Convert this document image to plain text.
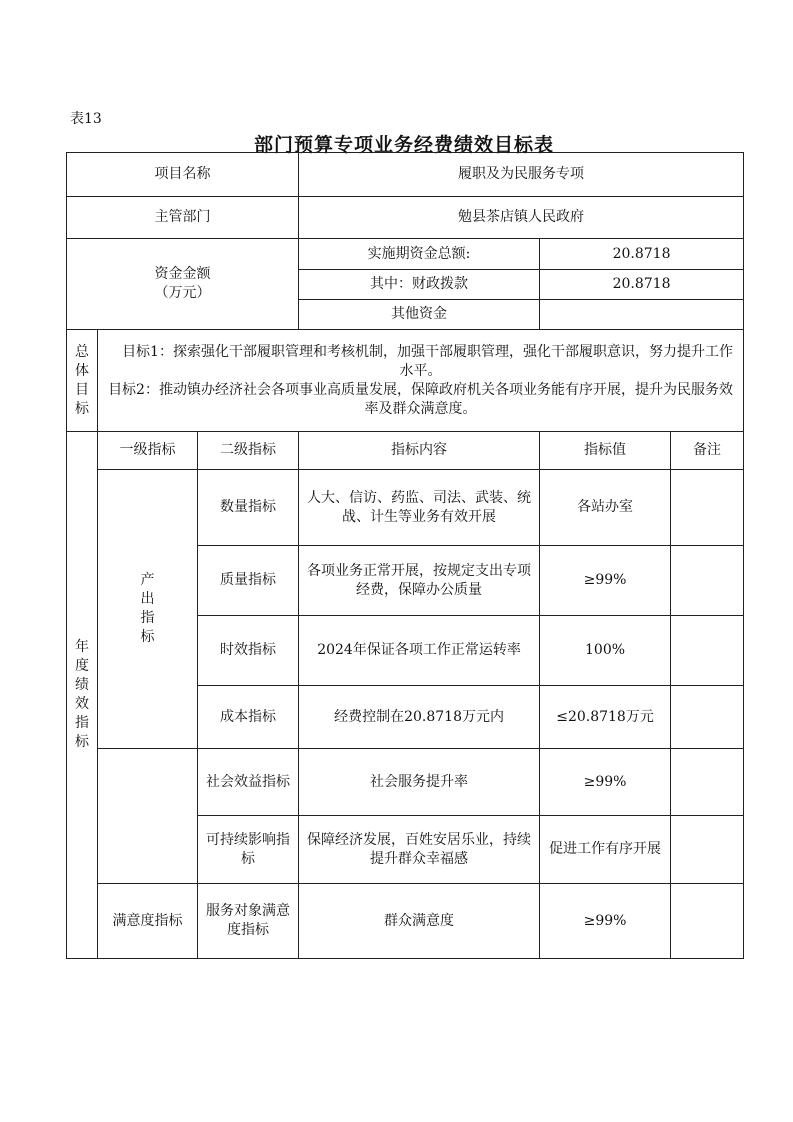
表13
部门预算专项业务经费绩效目标表
项目名称			履职及为民服务专项		
主管部门			勉县茶店镇人民政府		

资金金额
（万元）			实施期资金总额:	20.8718	
			其中：财政拨款	20.8718	
			其他资金		

总体目标	目标1：探索强化干部履职管理和考核机制，加强干部履职管理，强化干部履职意识，努力提升工作水平。
目标2：推动镇办经济社会各项事业高质量发展，保障政府机关各项业务能有序开展，提升为民服务效率及群众满意度。				

年度绩效指标	一级指标	二级指标	指标内容	指标值	备注

	产出指标	数量指标	人大、信访、药监、司法、武装、统战、计生等业务有效开展	各站办室	
		质量指标	各项业务正常开展，按规定支出专项经费，保障办公质量	≥99%	
		时效指标	2024年保证各项工作正常运转率	100%	
		成本指标	经费控制在20.8718万元内	≤20.8718万元	

		社会效益指标	社会服务提升率	≥99%	
		可持续影响指标	保障经济发展，百姓安居乐业，持续提升群众幸福感	促进工作有序开展	
	满意度指标	服务对象满意度指标	群众满意度	≥99%	
